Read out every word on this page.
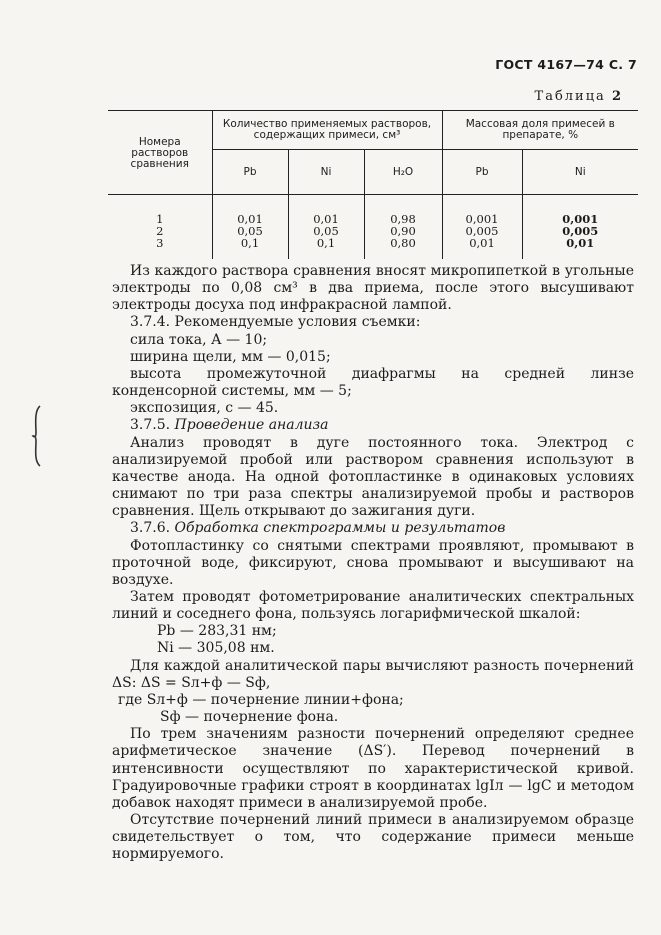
ГОСТ 4167—74 С. 7
Таблица 2
Номера растворов сравнения	Количество применяемых растворов, содержащих примеси, см³			Массовая доля примесей в препарате, %	
	Pb	Ni	H₂O	Pb	Ni
1	0,01	0,01	0,98	0,001	0,001
2	0,05	0,05	0,90	0,005	0,005
3	0,1	0,1	0,80	0,01	0,01

Из каждого раствора сравнения вносят микропипеткой в угольные электроды по 0,08 см³ в два приема, после этого высушивают электроды досуха под инфракрасной лампой.

3.7.4. Рекомендуемые условия съемки:

сила тока, А — 10;

ширина щели, мм — 0,015;

высота промежуточной диафрагмы на средней линзе конденсорной системы, мм — 5;

экспозиция, с — 45.

3.7.5. Проведение анализа

Анализ проводят в дуге постоянного тока. Электрод с анализируемой пробой или раствором сравнения используют в качестве анода. На одной фотопластинке в одинаковых условиях снимают по три раза спектры анализируемой пробы и растворов сравнения. Щель открывают до зажигания дуги.

3.7.6. Обработка спектрограммы и результатов

Фотопластинку со снятыми спектрами проявляют, промывают в проточной воде, фиксируют, снова промывают и высушивают на воздухе.

Затем проводят фотометрирование аналитических спектральных линий и соседнего фона, пользуясь логарифмической шкалой:

Pb — 283,31 нм;

Ni — 305,08 нм.

Для каждой аналитической пары вычисляют разность почернений ΔS: ΔS = Sл+ф — Sф,

где Sл+ф — почернение линии+фона;

Sф — почернение фона.

По трем значениям разности почернений определяют среднее арифметическое значение (ΔS′). Перевод почернений в интенсивности осуществляют по характеристической кривой. Градуировочные графики строят в координатах lgIл — lgC и методом добавок находят примеси в анализируемой пробе.

Отсутствие почернений линий примеси в анализируемом образце свидетельствует о том, что содержание примеси меньше нормируемого.
